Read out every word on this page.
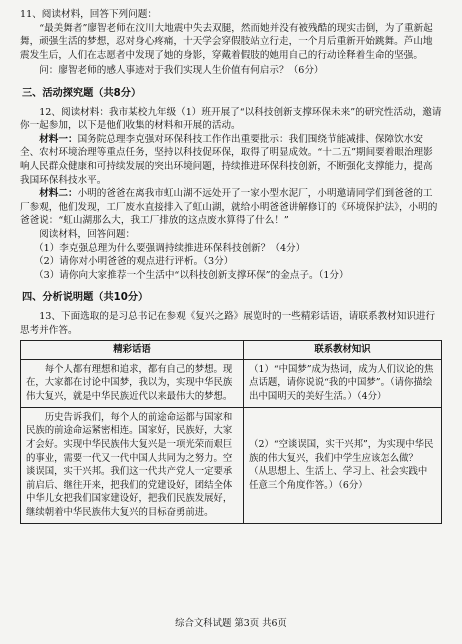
11、阅读材料，回答下列问题：

“最美舞者”廖智老师在汶川大地震中失去双腿，然而她并没有被残酷的现实击倒，为了重新起舞，顽强生活的梦想，忍对身心疼痛，十天学会穿假肢站立行走，一个月后重新开始跳舞。芦山地震发生后，人们在志愿者中发现了她的身影，穿戴着假肢的她用自己的行动诠释着生命的坚强。

问：廖智老师的感人事迹对于我们实现人生价值有何启示？（6分）

三、活动探究题（共8分）

12、阅读材料：我市某校九年级（1）班开展了“以科技创新支撑环保未来”的研究性活动，邀请你一起参加，以下是他们收集的材料和开展的活动。

材料一：国务院总理李克强对环保科技工作作出重要批示：我们围绕节能减排、保障饮水安全、农村环境治理等重点任务，坚持以科技促环保，取得了明显成效。“十二五”期间要着眼治理影响人民群众健康和可持续发展的突出环境问题，持续推进环保科技创新，不断强化支撑能力，提高我国环保科技水平。

材料二：小明的爸爸在离我市虹山湖不远处开了一家小型水泥厂，小明邀请同学们到爸爸的工厂参观，他们发现，工厂废水直接排入了虹山湖，就给小明爸爸讲解修订的《环境保护法》，小明的爸爸说：“虹山湖那么大，我工厂排放的这点废水算得了什么！”

阅读材料，回答问题：

（1）李克强总理为什么要强调持续推进环保科技创新？（4分）

（2）请你对小明爸爸的观点进行评析。（3分）

（3）请你向大家推荐一个生活中“以科技创新支撑环保”的金点子。（1分）

四、分析说明题（共10分）

13、下面选取的是习总书记在参观《复兴之路》展览时的一些精彩话语，请联系教材知识进行思考并作答。

精彩话语	联系教材知识
每个人都有理想和追求，都有自己的梦想。现在，大家都在讨论中国梦，我以为，实现中华民族伟大复兴，就是中华民族近代以来最伟大的梦想。	（1）“中国梦”成为热词，成为人们议论的焦点话题，请你说说“我的中国梦”。（请你描绘出中国明天的美好生活。）（4分）
历史告诉我们，每个人的前途命运都与国家和民族的前途命运紧密相连。国家好，民族好，大家才会好。实现中华民族伟大复兴是一项光荣而艰巨的事业，需要一代又一代中国人共同为之努力。空谈误国，实干兴邦。我们这一代共产党人一定要承前启后、继往开来，把我们的党建设好，团结全体中华儿女把我们国家建设好，把我们民族发展好，继续朝着中华民族伟大复兴的目标奋勇前进。	（2）“空谈误国，实干兴邦”，为实现中华民族的伟大复兴，我们中学生应该怎么做？（从思想上、生活上、学习上、社会实践中任意三个角度作答。）（6分）
综合文科试题 第3页 共6页
